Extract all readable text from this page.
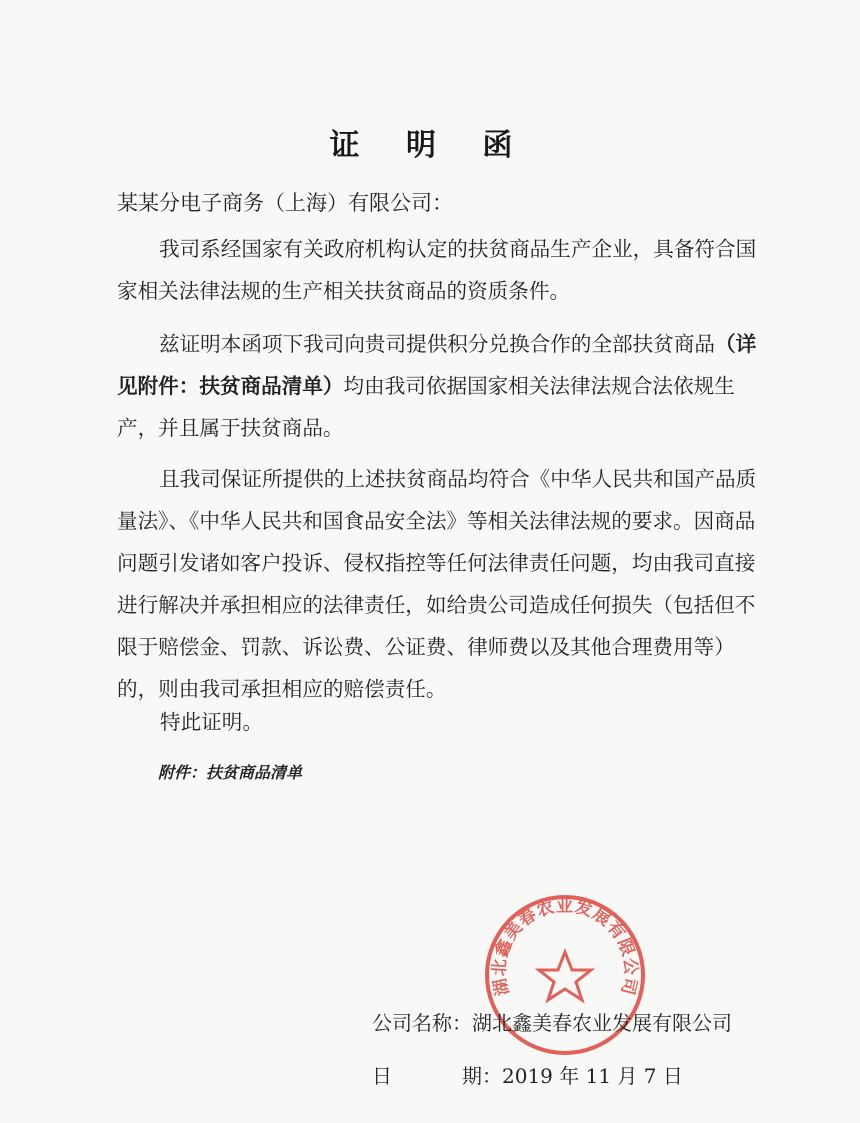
证 明 函
某某分电子商务（上海）有限公司：
我司系经国家有关政府机构认定的扶贫商品生产企业，具备符合国家相关法律法规的生产相关扶贫商品的资质条件。
兹证明本函项下我司向贵司提供积分兑换合作的全部扶贫商品（详见附件：扶贫商品清单）均由我司依据国家相关法律法规合法依规生产，并且属于扶贫商品。
且我司保证所提供的上述扶贫商品均符合《中华人民共和国产品质量法》、《中华人民共和国食品安全法》等相关法律法规的要求。因商品问题引发诸如客户投诉、侵权指控等任何法律责任问题，均由我司直接进行解决并承担相应的法律责任，如给贵公司造成任何损失（包括但不限于赔偿金、罚款、诉讼费、公证费、律师费以及其他合理费用等）的，则由我司承担相应的赔偿责任。
特此证明。
附件：扶贫商品清单
湖北鑫美春农业发展有限公司
公司名称：湖北鑫美春农业发展有限公司
日	期：2019 年 11 月 7 日
